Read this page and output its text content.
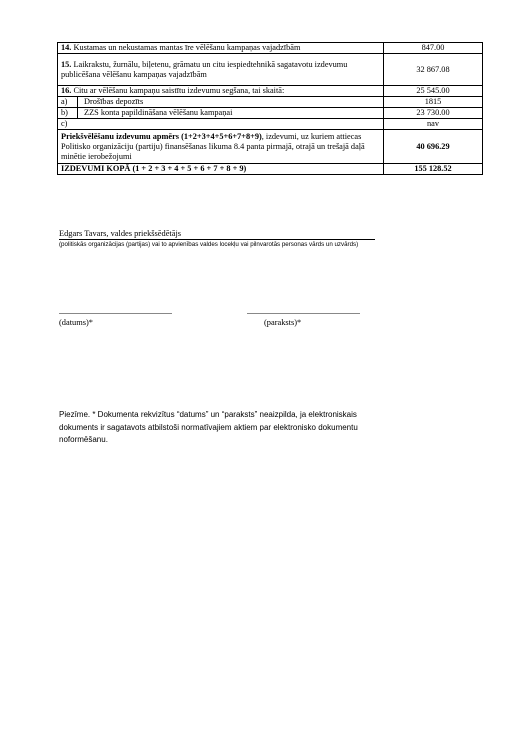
14. Kustamas un nekustamas mantas īre vēlēšanu kampaņas vajadzībām	847.00
15. Laikrakstu, žurnālu, biļetenu, grāmatu un citu iespiedtehnikā sagatavotu izdevumu publicēšana vēlēšanu kampaņas vajadzībām	32 867.08
16. Citu ar vēlēšanu kampaņu saistītu izdevumu segšana, tai skaitā:	25 545.00

a) Drošības depozīts	1815

b) ZZS konta papildināšana vēlēšanu kampaņai	23 730.00

c)	nav
Priekšvēlēšanu izdevumu apmērs (1+2+3+4+5+6+7+8+9), izdevumi, uz kuriem attiecas Politisko organizāciju (partiju) finansēšanas likuma 8.4 panta pirmajā, otrajā un trešajā daļā minētie ierobežojumi	40 696.29
IZDEVUMI KOPĀ (1 + 2 + 3 + 4 + 5 + 6 + 7 + 8 + 9)	155 128.52
Edgars Tavars, valdes priekšsēdētājs
(politiskās organizācijas (partijas) vai to apvienības valdes locekļu vai pilnvarotās personas vārds un uzvārds)
(datums)*	(paraksts)*
Piezīme. * Dokumenta rekvizītus “datums” un “paraksts” neaizpilda, ja elektroniskais dokuments ir sagatavots atbilstoši normatīvajiem aktiem par elektronisko dokumentu noformēšanu.
